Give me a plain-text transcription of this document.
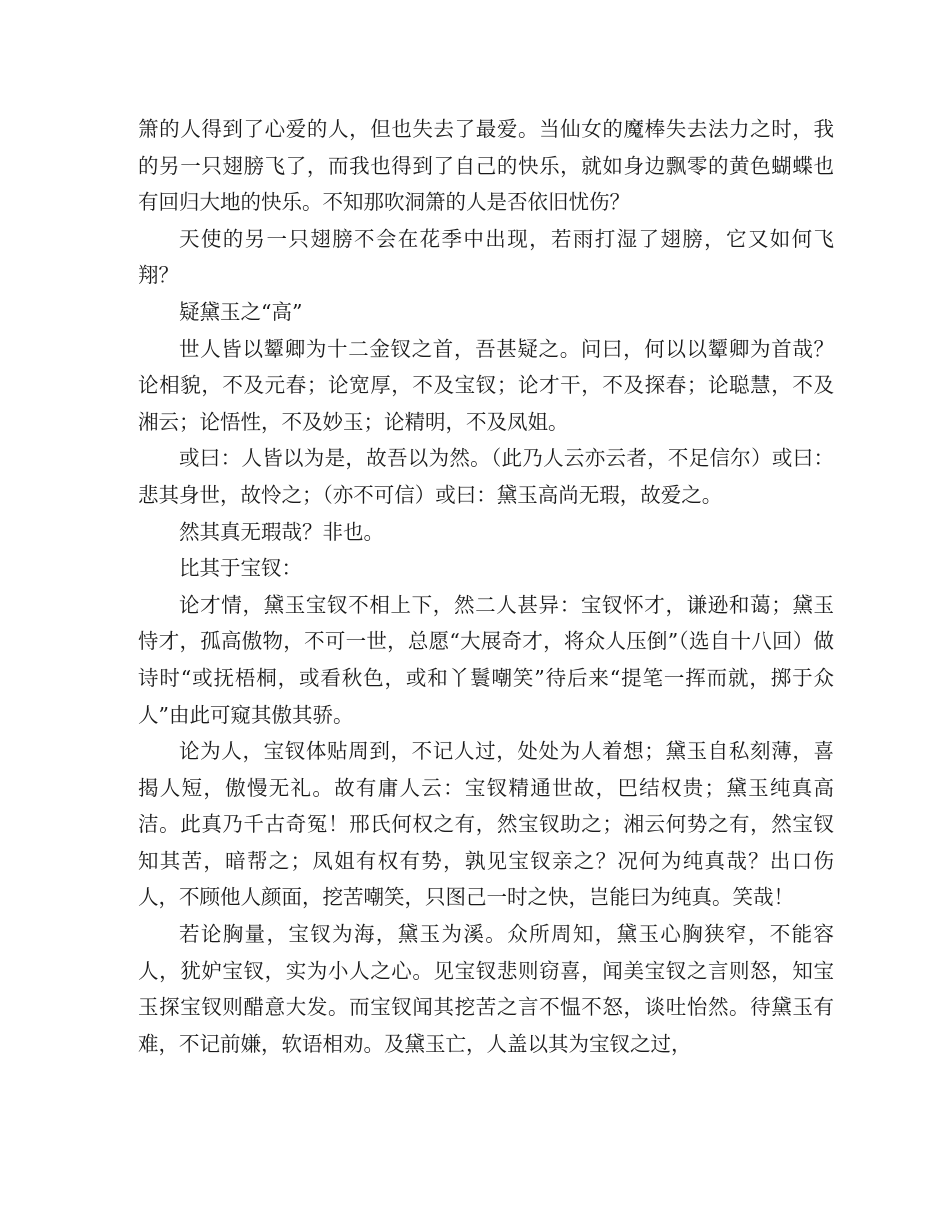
箫的人得到了心爱的人，但也失去了最爱。当仙女的魔棒失去法力之时，我的另一只翅膀飞了，而我也得到了自己的快乐，就如身边飘零的黄色蝴蝶也有回归大地的快乐。不知那吹洞箫的人是否依旧忧伤？

天使的另一只翅膀不会在花季中出现，若雨打湿了翅膀，它又如何飞翔？

疑黛玉之“高”

世人皆以颦卿为十二金钗之首，吾甚疑之。问曰，何以以颦卿为首哉？论相貌，不及元春；论宽厚，不及宝钗；论才干，不及探春；论聪慧，不及湘云；论悟性，不及妙玉；论精明，不及凤姐。

或曰：人皆以为是，故吾以为然。（此乃人云亦云者，不足信尔）或曰：悲其身世，故怜之；（亦不可信）或曰：黛玉高尚无瑕，故爱之。

然其真无瑕哉？非也。

比其于宝钗：

论才情，黛玉宝钗不相上下，然二人甚异：宝钗怀才，谦逊和蔼；黛玉恃才，孤高傲物，不可一世，总愿“大展奇才，将众人压倒”（选自十八回）做诗时“或抚梧桐，或看秋色，或和丫鬟嘲笑”待后来“提笔一挥而就，掷于众人”由此可窥其傲其骄。

论为人，宝钗体贴周到，不记人过，处处为人着想；黛玉自私刻薄，喜揭人短，傲慢无礼。故有庸人云：宝钗精通世故，巴结权贵；黛玉纯真高洁。此真乃千古奇冤！邢氏何权之有，然宝钗助之；湘云何势之有，然宝钗知其苦，暗帮之；凤姐有权有势，孰见宝钗亲之？况何为纯真哉？出口伤人，不顾他人颜面，挖苦嘲笑，只图己一时之快，岂能曰为纯真。笑哉！

若论胸量，宝钗为海，黛玉为溪。众所周知，黛玉心胸狭窄，不能容人，犹妒宝钗，实为小人之心。见宝钗悲则窃喜，闻美宝钗之言则怒，知宝玉探宝钗则醋意大发。而宝钗闻其挖苦之言不愠不怒，谈吐怡然。待黛玉有难，不记前嫌，软语相劝。及黛玉亡，人盖以其为宝钗之过，
